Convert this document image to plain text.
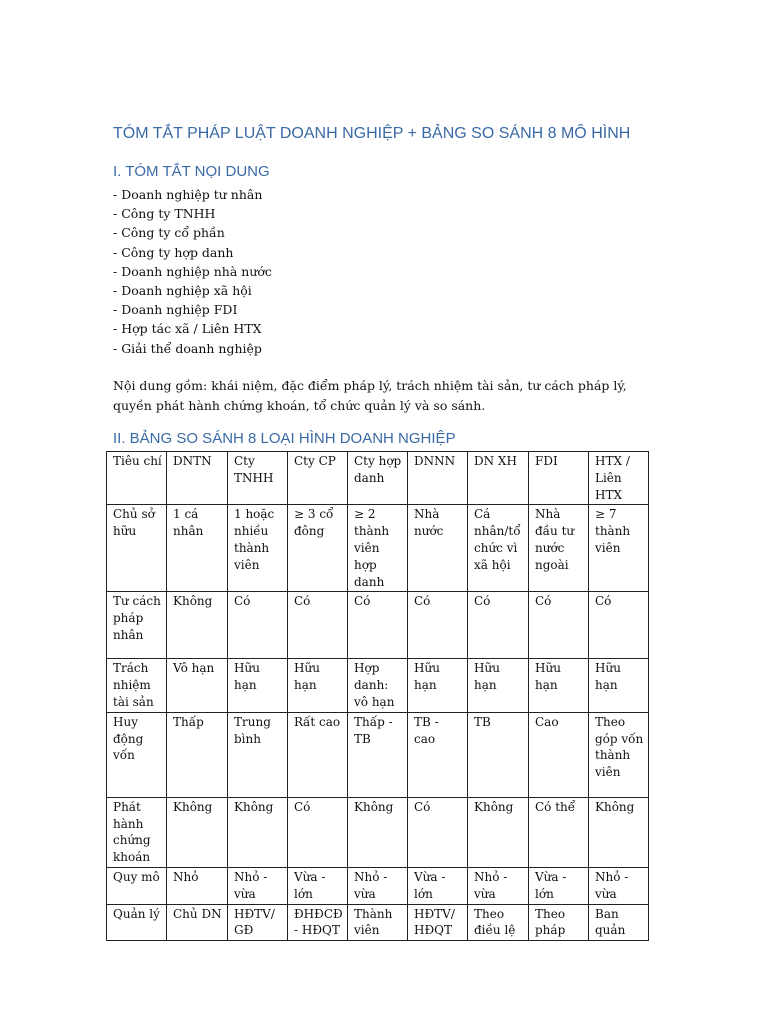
TÓM TẮT PHÁP LUẬT DOANH NGHIỆP + BẢNG SO SÁNH 8 MÔ HÌNH
I. TÓM TẮT NỌI DUNG
- Doanh nghiệp tư nhân
- Công ty TNHH
- Công ty cổ phần
- Công ty hợp danh
- Doanh nghiệp nhà nước
- Doanh nghiệp xã hội
- Doanh nghiệp FDI
- Hợp tác xã / Liên HTX
- Giải thể doanh nghiệp

Nội dung gồm: khái niệm, đặc điểm pháp lý, trách nhiệm tài sản, tư cách pháp lý, quyền phát hành chứng khoán, tổ chức quản lý và so sánh.

II. BẢNG SO SÁNH 8 LOẠI HÌNH DOANH NGHIỆP
Tiêu chí	DNTN	Cty TNHH	Cty CP	Cty hợp danh	DNNN	DN XH	FDI	HTX / Liên HTX
Chủ sở hữu	1 cá nhân	1 hoặc nhiều thành viên	≥ 3 cổ đông	≥ 2 thành viên hợp danh	Nhà nước	Cá nhân/tổ chức vì xã hội	Nhà đầu tư nước ngoài	≥ 7 thành viên
Tư cách pháp nhân	Không	Có	Có	Có	Có	Có	Có	Có
Trách nhiệm tài sản	Vô hạn	Hữu hạn	Hữu hạn	Hợp danh: vô hạn	Hữu hạn	Hữu hạn	Hữu hạn	Hữu hạn
Huy động vốn	Thấp	Trung bình	Rất cao	Thấp - TB	TB - cao	TB	Cao	Theo góp vốn thành viên
Phát hành chứng khoán	Không	Không	Có	Không	Có	Không	Có thể	Không
Quy mô	Nhỏ	Nhỏ - vừa	Vừa - lớn	Nhỏ - vừa	Vừa - lớn	Nhỏ - vừa	Vừa - lớn	Nhỏ - vừa
Quản lý	Chủ DN	HĐTV/ GĐ	ĐHĐCĐ - HĐQT	Thành viên	HĐTV/ HĐQT	Theo điều lệ	Theo pháp	Ban quản
